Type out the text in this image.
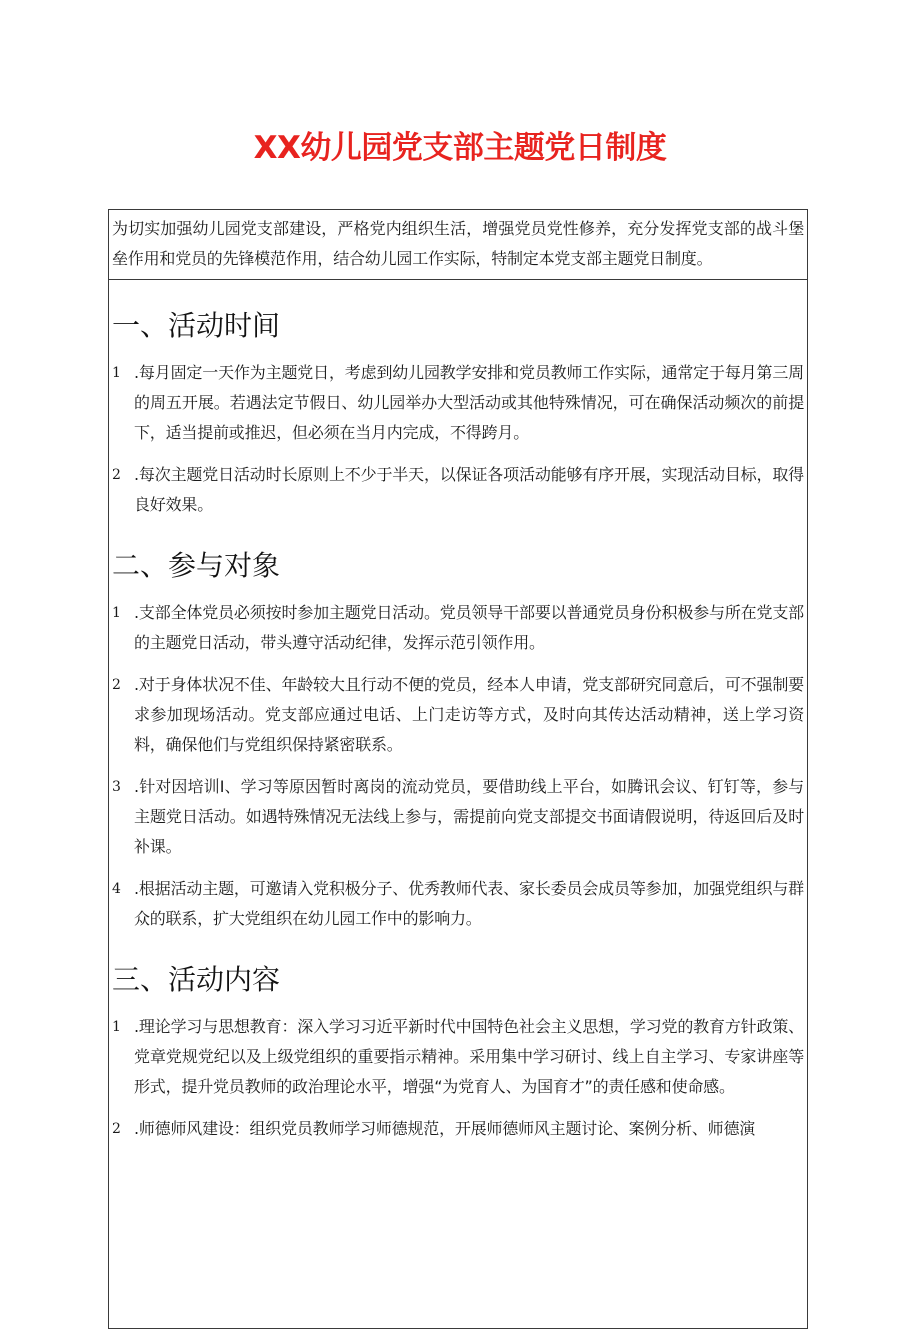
XX幼儿园党支部主题党日制度

为切实加强幼儿园党支部建设，严格党内组织生活，增强党员党性修养，充分发挥党支部的战斗堡垒作用和党员的先锋模范作用，结合幼儿园工作实际，特制定本党支部主题党日制度。

一、活动时间
1 .每月固定一天作为主题党日，考虑到幼儿园教学安排和党员教师工作实际，通常定于每月第三周的周五开展。若遇法定节假日、幼儿园举办大型活动或其他特殊情况，可在确保活动频次的前提下，适当提前或推迟，但必须在当月内完成，不得跨月。

2 .每次主题党日活动时长原则上不少于半天，以保证各项活动能够有序开展，实现活动目标，取得良好效果。

二、参与对象
1 .支部全体党员必须按时参加主题党日活动。党员领导干部要以普通党员身份积极参与所在党支部的主题党日活动，带头遵守活动纪律，发挥示范引领作用。

2 .对于身体状况不佳、年龄较大且行动不便的党员，经本人申请，党支部研究同意后，可不强制要求参加现场活动。党支部应通过电话、上门走访等方式，及时向其传达活动精神，送上学习资料，确保他们与党组织保持紧密联系。

3 .针对因培训I、学习等原因暂时离岗的流动党员，要借助线上平台，如腾讯会议、钉钉等，参与主题党日活动。如遇特殊情况无法线上参与，需提前向党支部提交书面请假说明，待返回后及时补课。

4 .根据活动主题，可邀请入党积极分子、优秀教师代表、家长委员会成员等参加，加强党组织与群众的联系，扩大党组织在幼儿园工作中的影响力。

三、活动内容
1 .理论学习与思想教育：深入学习习近平新时代中国特色社会主义思想，学习党的教育方针政策、党章党规党纪以及上级党组织的重要指示精神。采用集中学习研讨、线上自主学习、专家讲座等形式，提升党员教师的政治理论水平，增强“为党育人、为国育才”的责任感和使命感。

2 .师德师风建设：组织党员教师学习师德规范，开展师德师风主题讨论、案例分析、师德演
